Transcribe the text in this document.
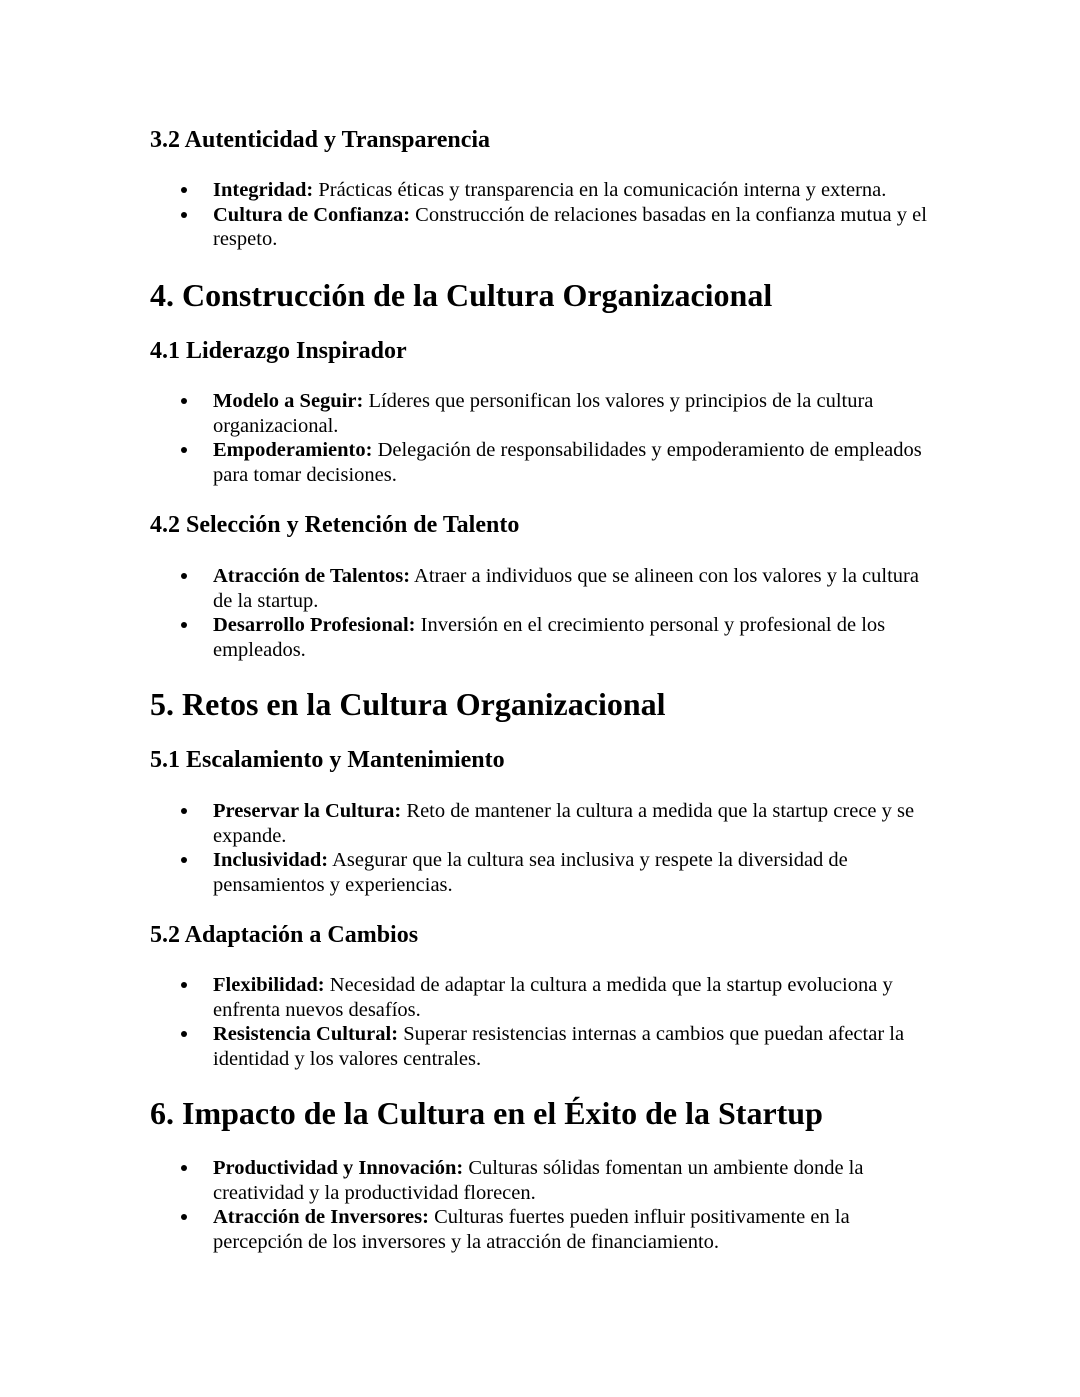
3.2 Autenticidad y Transparencia
Integridad: Prácticas éticas y transparencia en la comunicación interna y externa.
Cultura de Confianza: Construcción de relaciones basadas en la confianza mutua y el respeto.
4. Construcción de la Cultura Organizacional
4.1 Liderazgo Inspirador
Modelo a Seguir: Líderes que personifican los valores y principios de la cultura organizacional.
Empoderamiento: Delegación de responsabilidades y empoderamiento de empleados para tomar decisiones.
4.2 Selección y Retención de Talento
Atracción de Talentos: Atraer a individuos que se alineen con los valores y la cultura de la startup.
Desarrollo Profesional: Inversión en el crecimiento personal y profesional de los empleados.
5. Retos en la Cultura Organizacional
5.1 Escalamiento y Mantenimiento
Preservar la Cultura: Reto de mantener la cultura a medida que la startup crece y se expande.
Inclusividad: Asegurar que la cultura sea inclusiva y respete la diversidad de pensamientos y experiencias.
5.2 Adaptación a Cambios
Flexibilidad: Necesidad de adaptar la cultura a medida que la startup evoluciona y enfrenta nuevos desafíos.
Resistencia Cultural: Superar resistencias internas a cambios que puedan afectar la identidad y los valores centrales.
6. Impacto de la Cultura en el Éxito de la Startup
Productividad y Innovación: Culturas sólidas fomentan un ambiente donde la creatividad y la productividad florecen.
Atracción de Inversores: Culturas fuertes pueden influir positivamente en la percepción de los inversores y la atracción de financiamiento.
